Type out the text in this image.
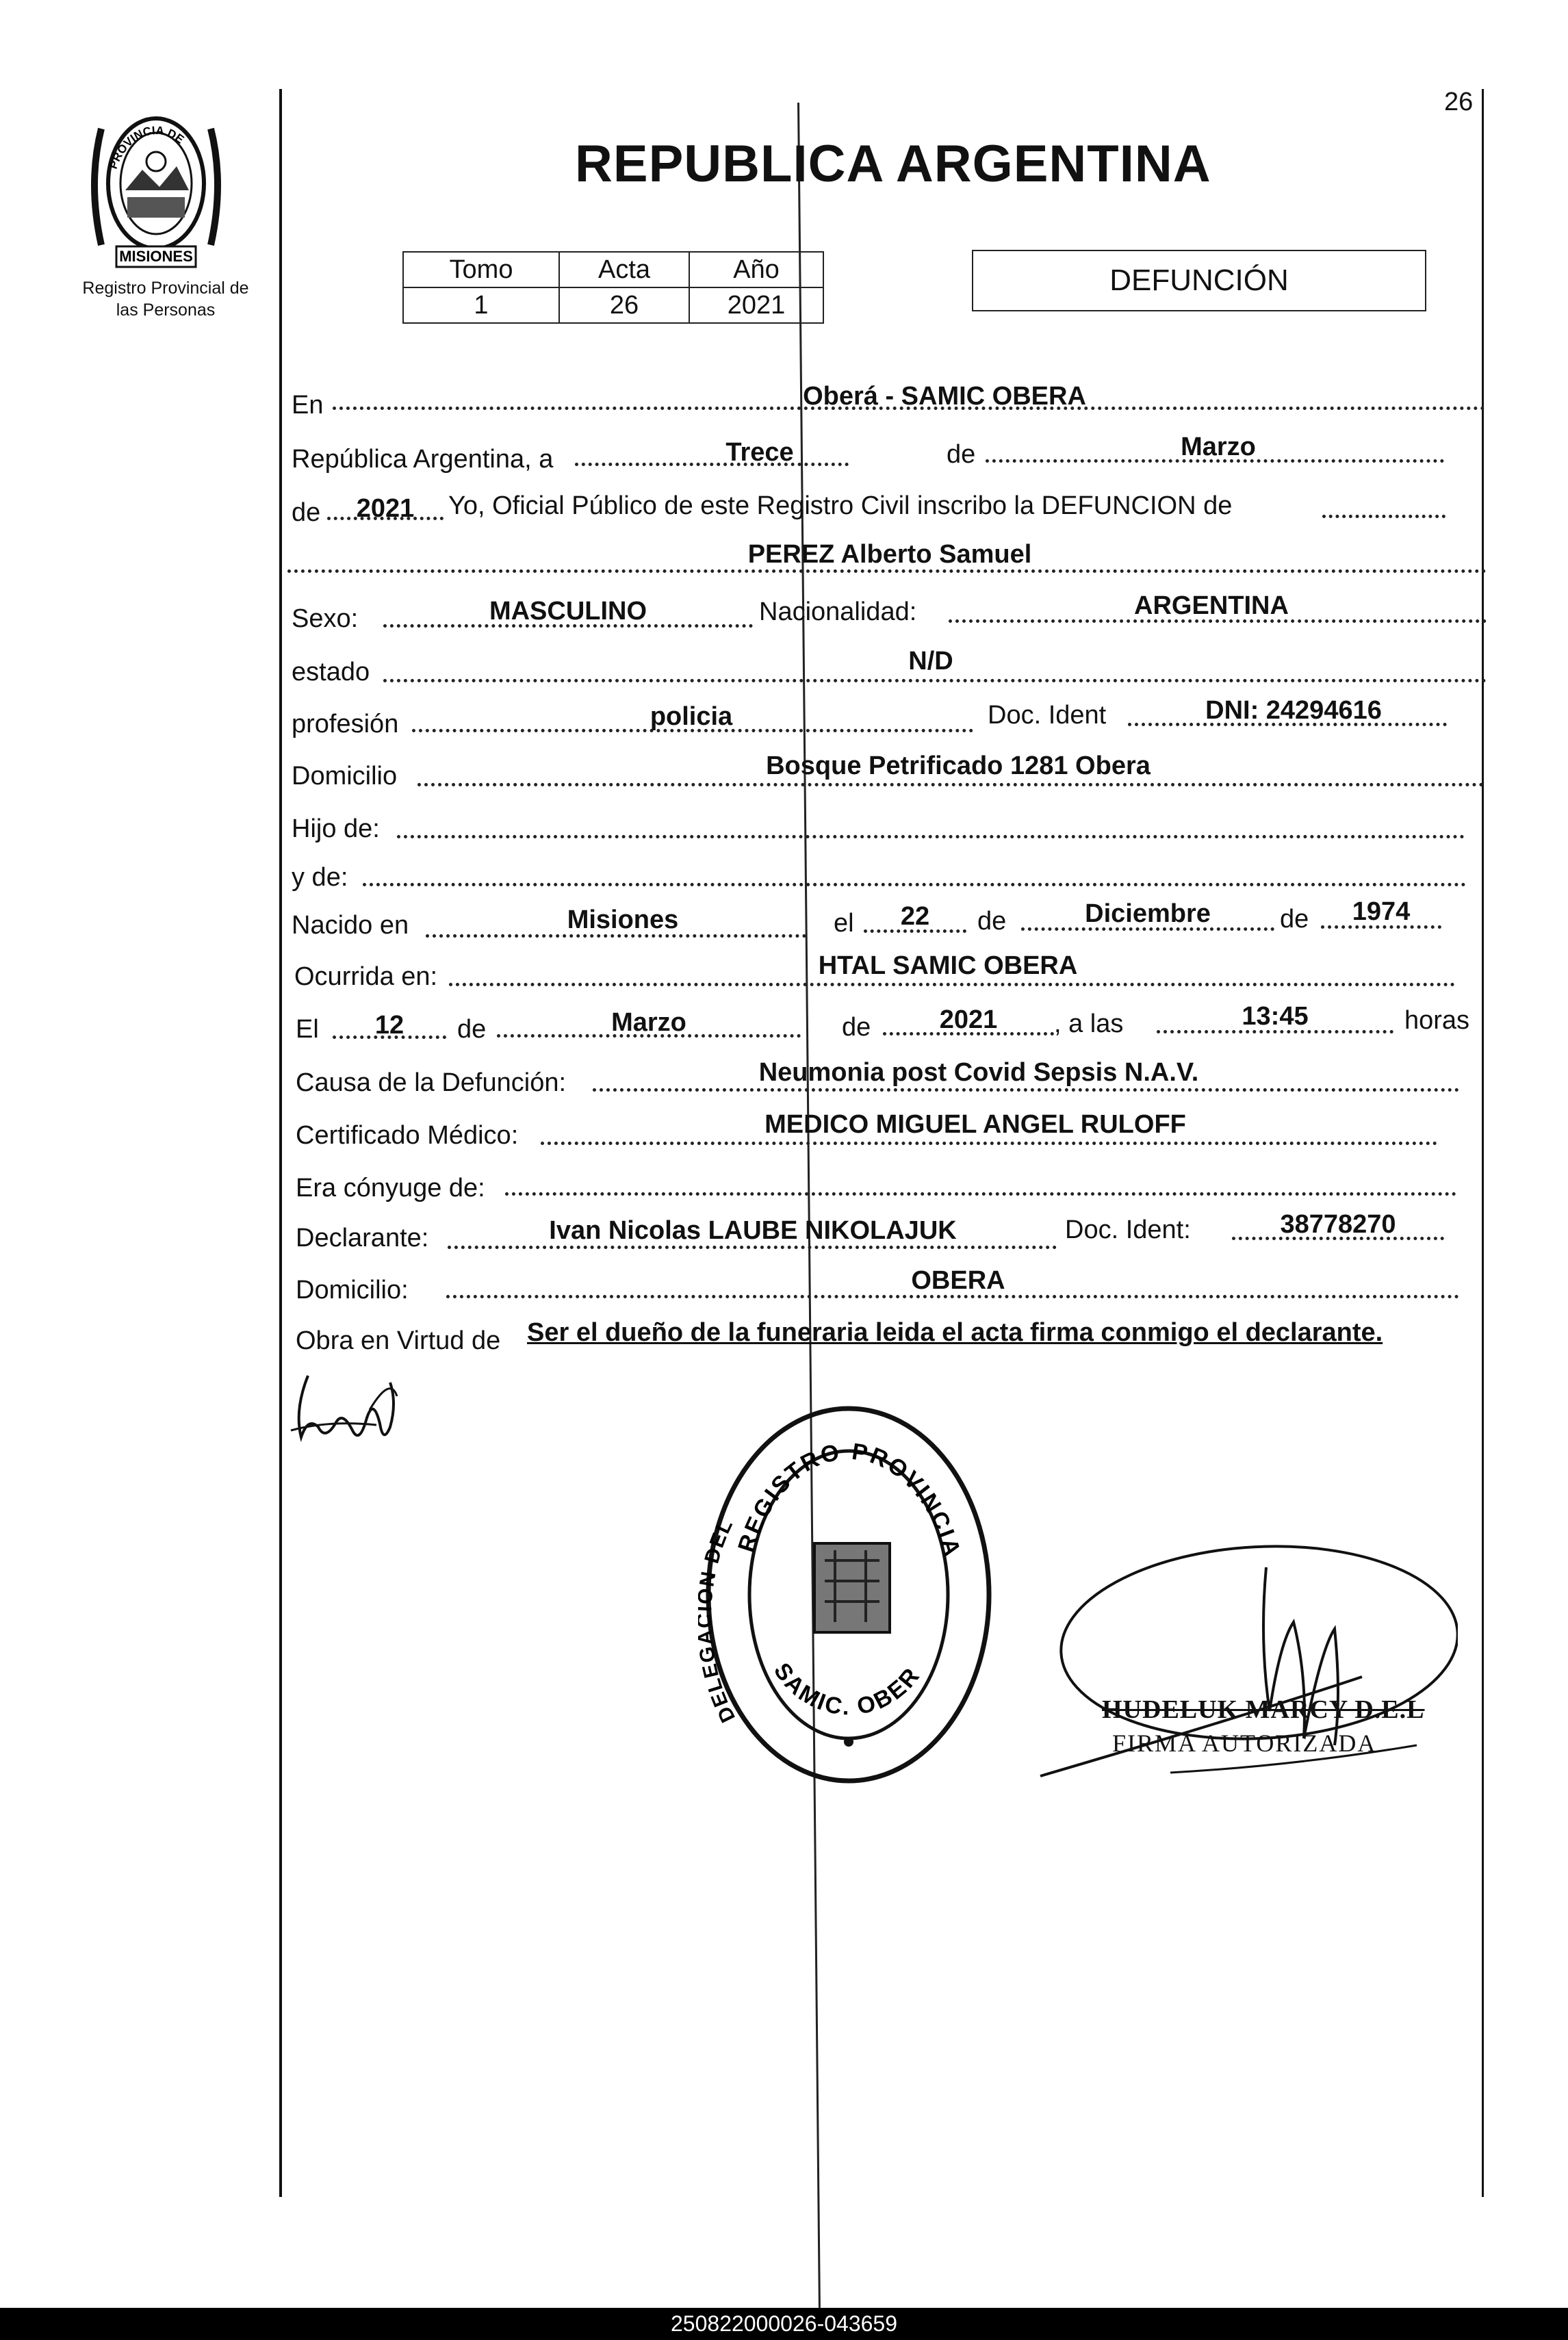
PROVINCIA DE
MISIONES
Registro Provincial de
las Personas
26
REPUBLICA ARGENTINA
Tomo	Acta	Año
1	26	2021
DEFUNCIÓN
En	Oberá - SAMIC OBERA
República Argentina, a	Trece	de	Marzo
de	2021	Yo, Oficial Público de este Registro Civil inscribo la DEFUNCION de
PEREZ Alberto Samuel
Sexo:	MASCULINO	Nacionalidad:	ARGENTINA
estado	N/D
profesión	policia	Doc. Ident	DNI: 24294616
Domicilio	Bosque Petrificado 1281 Obera
Hijo de:
y de:
Nacido en	Misiones	el	22	de	Diciembre	de	1974
Ocurrida en:	HTAL SAMIC OBERA
El	12	de	Marzo	de	2021	, a las	13:45	horas
Causa de la Defunción:	Neumonia post Covid Sepsis N.A.V.
Certificado Médico:	MEDICO MIGUEL ANGEL RULOFF
Era cónyuge de:
Declarante:	Ivan Nicolas LAUBE NIKOLAJUK	Doc. Ident:	38778270
Domicilio:	OBERA
Obra en Virtud de Ser el dueño de la funeraria leida el acta firma conmigo el declarante.
REGISTRO PROVINCIA
DELE DEL
SAMIC. OBER
HUDELUK MARCY D.E.L
FIRMA AUTORIZADA
250822000026-043659
